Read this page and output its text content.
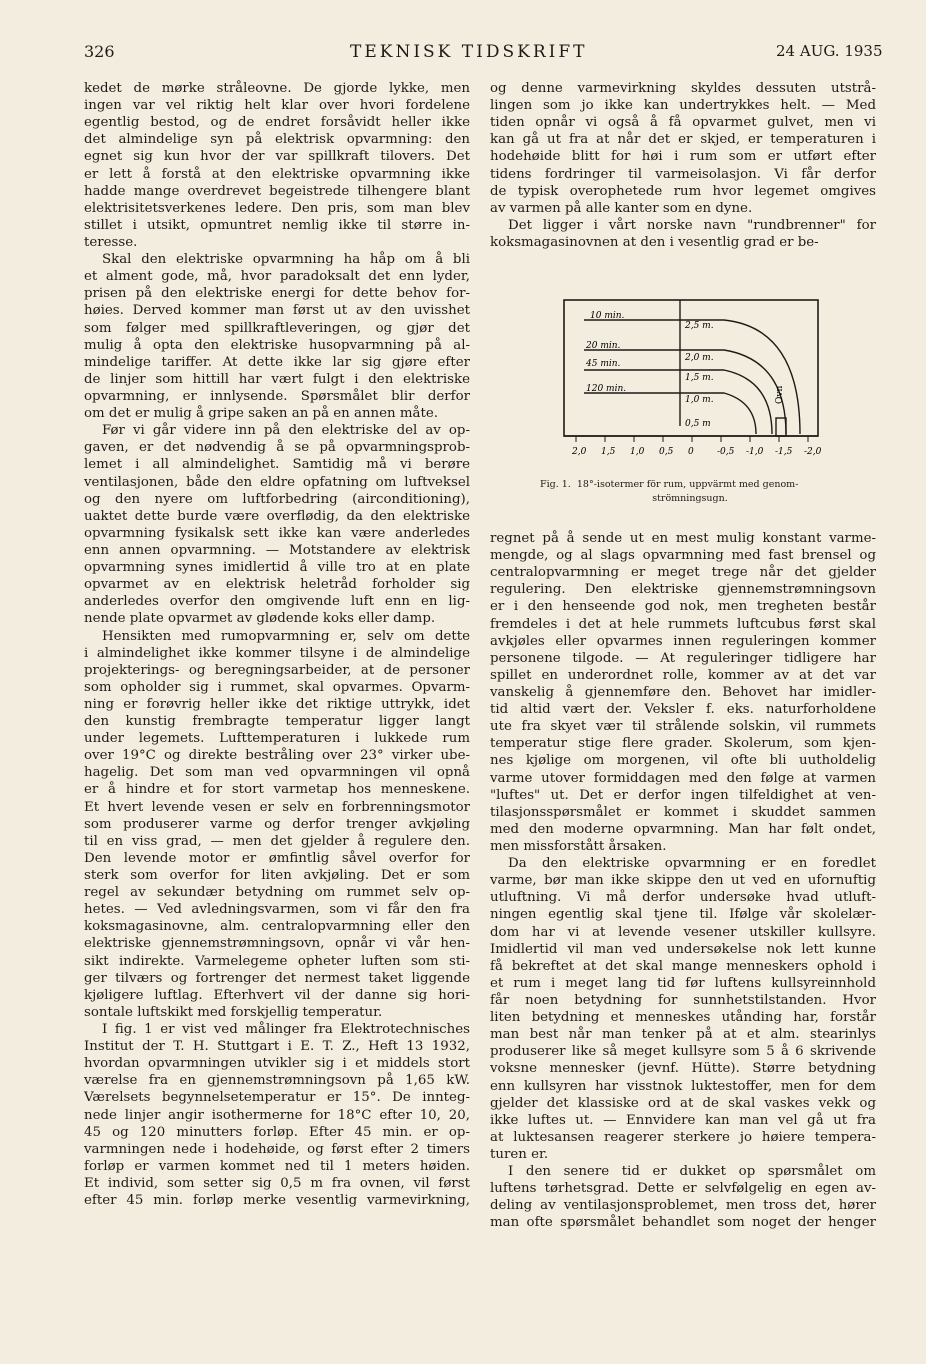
326	TEKNISK TIDSKRIFT	24 AUG. 1935
kedet de mørke stråleovne. De gjorde lykke, men
ingen var vel riktig helt klar over hvori fordelene
egentlig bestod, og de endret forsåvidt heller ikke
det almindelige syn på elektrisk opvarmning: den
egnet sig kun hvor der var spillkraft tilovers. Det
er lett å forstå at den elektriske opvarmning ikke
hadde mange overdrevet begeistrede tilhengere blant
elektrisitetsverkenes ledere. Den pris, som man blev
stillet i utsikt, opmuntret nemlig ikke til større in-
teresse.
Skal den elektriske opvarmning ha håp om å bli
et alment gode, må, hvor paradoksalt det enn lyder,
prisen på den elektriske energi for dette behov for-
høies. Derved kommer man først ut av den uvisshet
som følger med spillkraftleveringen, og gjør det
mulig å opta den elektriske husopvarmning på al-
mindelige tariffer. At dette ikke lar sig gjøre efter
de linjer som hittill har vært fulgt i den elektriske
opvarmning, er innlysende. Spørsmålet blir derfor
om det er mulig å gripe saken an på en annen måte.
Før vi går videre inn på den elektriske del av op-
gaven, er det nødvendig å se på opvarmningsprob-
lemet i all almindelighet. Samtidig må vi berøre
ventilasjonen, både den eldre opfatning om luftveksel
og den nyere om luftforbedring (airconditioning),
uaktet dette burde være overflødig, da den elektriske
opvarmning fysikalsk sett ikke kan være anderledes
enn annen opvarmning. — Motstandere av elektrisk
opvarmning synes imidlertid å ville tro at en plate
opvarmet av en elektrisk heletråd forholder sig
anderledes overfor den omgivende luft enn en lig-
nende plate opvarmet av glødende koks eller damp.
Hensikten med rumopvarmning er, selv om dette
i almindelighet ikke kommer tilsyne i de almindelige
projekterings- og beregningsarbeider, at de personer
som opholder sig i rummet, skal opvarmes. Opvarm-
ning er forøvrig heller ikke det riktige uttrykk, idet
den kunstig frembragte temperatur ligger langt
under legemets. Lufttemperaturen i lukkede rum
over 19°C og direkte bestråling over 23° virker ube-
hagelig. Det som man ved opvarmningen vil opnå
er å hindre et for stort varmetap hos menneskene.
Et hvert levende vesen er selv en forbrenningsmotor
som produserer varme og derfor trenger avkjøling
til en viss grad, — men det gjelder å regulere den.
Den levende motor er ømfintlig såvel overfor for
sterk som overfor for liten avkjøling. Det er som
regel av sekundær betydning om rummet selv op-
hetes. — Ved avledningsvarmen, som vi får den fra
koksmagasinovne, alm. centralopvarmning eller den
elektriske gjennemstrømningsovn, opnår vi vår hen-
sikt indirekte. Varmelegeme opheter luften som sti-
ger tilværs og fortrenger det nermest taket liggende
kjøligere luftlag. Efterhvert vil der danne sig hori-
sontale luftskikt med forskjellig temperatur.
I fig. 1 er vist ved målinger fra Elektrotechnisches
Institut der T. H. Stuttgart i E. T. Z., Heft 13 1932,
hvordan opvarmningen utvikler sig i et middels stort
værelse fra en gjennemstrømningsovn på 1,65 kW.
Værelsets begynnelsetemperatur er 15°. De innteg-
nede linjer angir isothermerne for 18°C efter 10, 20,
45 og 120 minutters forløp. Efter 45 min. er op-
varmningen nede i hodehøide, og først efter 2 timers
forløp er varmen kommet ned til 1 meters høiden.
Et individ, som setter sig 0,5 m fra ovnen, vil først
efter 45 min. forløp merke vesentlig varmevirkning,
og denne varmevirkning skyldes dessuten utstrå-
lingen som jo ikke kan undertrykkes helt. — Med
tiden opnår vi også å få opvarmet gulvet, men vi
kan gå ut fra at når det er skjed, er temperaturen i
hodehøide blitt for høi i rum som er utført efter
tidens fordringer til varmeisolasjon. Vi får derfor
de typisk overophetede rum hvor legemet omgives
av varmen på alle kanter som en dyne.
Det ligger i vårt norske navn "rundbrenner" for
koksmagasinovnen at den i vesentlig grad er be-
regnet på å sende ut en mest mulig konstant varme-
mengde, og al slags opvarmning med fast brensel og
centralopvarmning er meget trege når det gjelder
regulering. Den elektriske gjennemstrømningsovn
er i den henseende god nok, men tregheten består
fremdeles i det at hele rummets luftcubus først skal
avkjøles eller opvarmes innen reguleringen kommer
personene tilgode. — At reguleringer tidligere har
spillet en underordnet rolle, kommer av at det var
vanskelig å gjennemføre den. Behovet har imidler-
tid altid vært der. Veksler f. eks. naturforholdene
ute fra skyet vær til strålende solskin, vil rummets
temperatur stige flere grader. Skolerum, som kjen-
nes kjølige om morgenen, vil ofte bli uutholdelig
varme utover formiddagen med den følge at varmen
"luftes" ut. Det er derfor ingen tilfeldighet at ven-
tilasjonsspørsmålet er kommet i skuddet sammen
med den moderne opvarmning. Man har følt ondet,
men missforstått årsaken.
Da den elektriske opvarmning er en foredlet
varme, bør man ikke skippe den ut ved en ufornuftig
utluftning. Vi må derfor undersøke hvad utluft-
ningen egentlig skal tjene til. Ifølge vår skolelær-
dom har vi at levende vesener utskiller kullsyre.
Imidlertid vil man ved undersøkelse nok lett kunne
få bekreftet at det skal mange menneskers ophold i
et rum i meget lang tid før luftens kullsyreinnhold
får noen betydning for sunnhetstilstanden. Hvor
liten betydning et menneskes utånding har, forstår
man best når man tenker på at et alm. stearinlys
produserer like så meget kullsyre som 5 å 6 skrivende
voksne mennesker (jevnf. Hütte). Større betydning
enn kullsyren har visstnok luktestoffer, men for dem
gjelder det klassiske ord at de skal vaskes vekk og
ikke luftes ut. — Ennvidere kan man vel gå ut fra
at luktesansen reagerer sterkere jo høiere tempera-
turen er.
I den senere tid er dukket op spørsmålet om
luftens tørhetsgrad. Dette er selvfølgelig en egen av-
deling av ventilasjonsproblemet, men tross det, hører
man ofte spørsmålet behandlet som noget der henger
Ovn
10 min.
20 min.
45 min.
120 min.
2,5 m.
2,0 m.
1,5 m.
1,0 m.
0,5 m
2,0 1,5 1,0 0,5 0	-0,5 -1,0 -1,5 -2,0
Fig. 1.  18°-isotermer för rum, uppvärmt med genom-
strömningsugn.
